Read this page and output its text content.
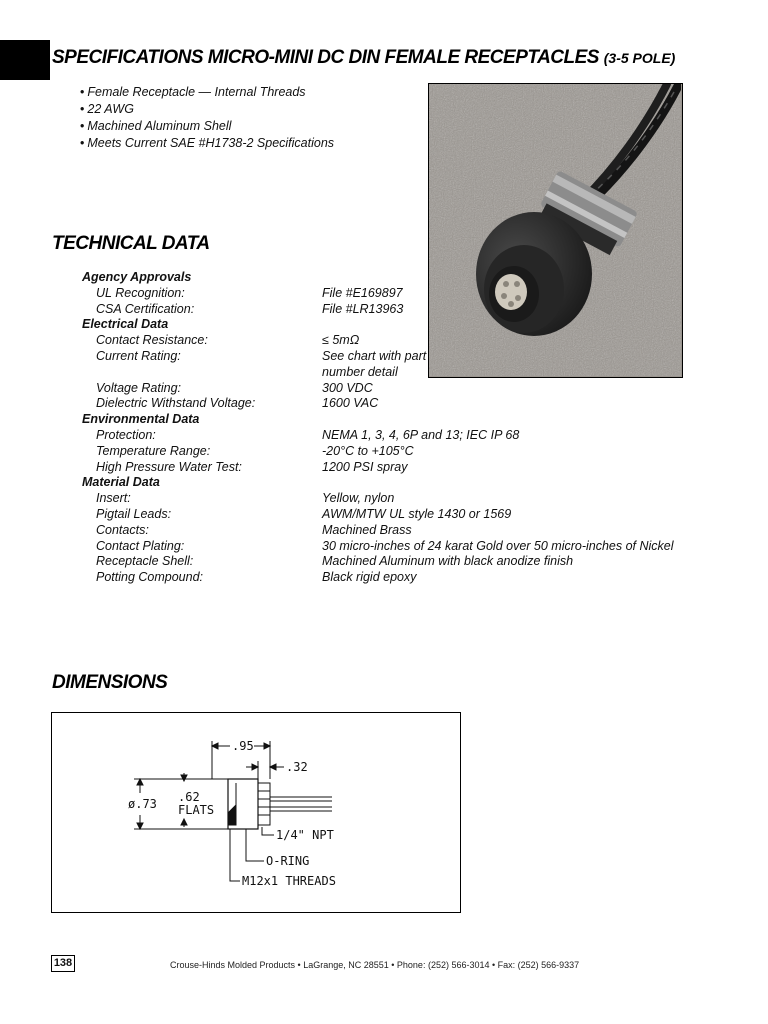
SPECIFICATIONS MICRO-MINI DC DIN FEMALE RECEPTACLES (3-5 POLE)
• Female Receptacle — Internal Threads
• 22 AWG
• Machined Aluminum Shell
• Meets Current SAE #H1738-2 Specifications
TECHNICAL DATA
Agency Approvals
UL Recognition:	File #E169897
CSA Certification:	File #LR13963
Electrical Data
Contact Resistance:	≤ 5mΩ
Current Rating:	See chart with part
number detail
Voltage Rating:	300 VDC
Dielectric Withstand Voltage:	1600 VAC
Environmental Data
Protection:	NEMA 1, 3, 4, 6P and 13; IEC IP 68
Temperature Range:	-20°C to +105°C
High Pressure Water Test:	1200 PSI spray
Material Data
Insert:	Yellow, nylon
Pigtail Leads:	AWM/MTW UL style 1430 or 1569
Contacts:	Machined Brass
Contact Plating:	30 micro-inches of 24 karat Gold over 50 micro-inches of Nickel
Receptacle Shell:	Machined Aluminum with black anodize finish
Potting Compound:	Black rigid epoxy
DIMENSIONS
.95
.32
ø.73 .62
FLATS
1/4" NPT
O-RING
M12x1 THREADS
138	Crouse-Hinds Molded Products • LaGrange, NC 28551 • Phone: (252) 566-3014 • Fax: (252) 566-9337
